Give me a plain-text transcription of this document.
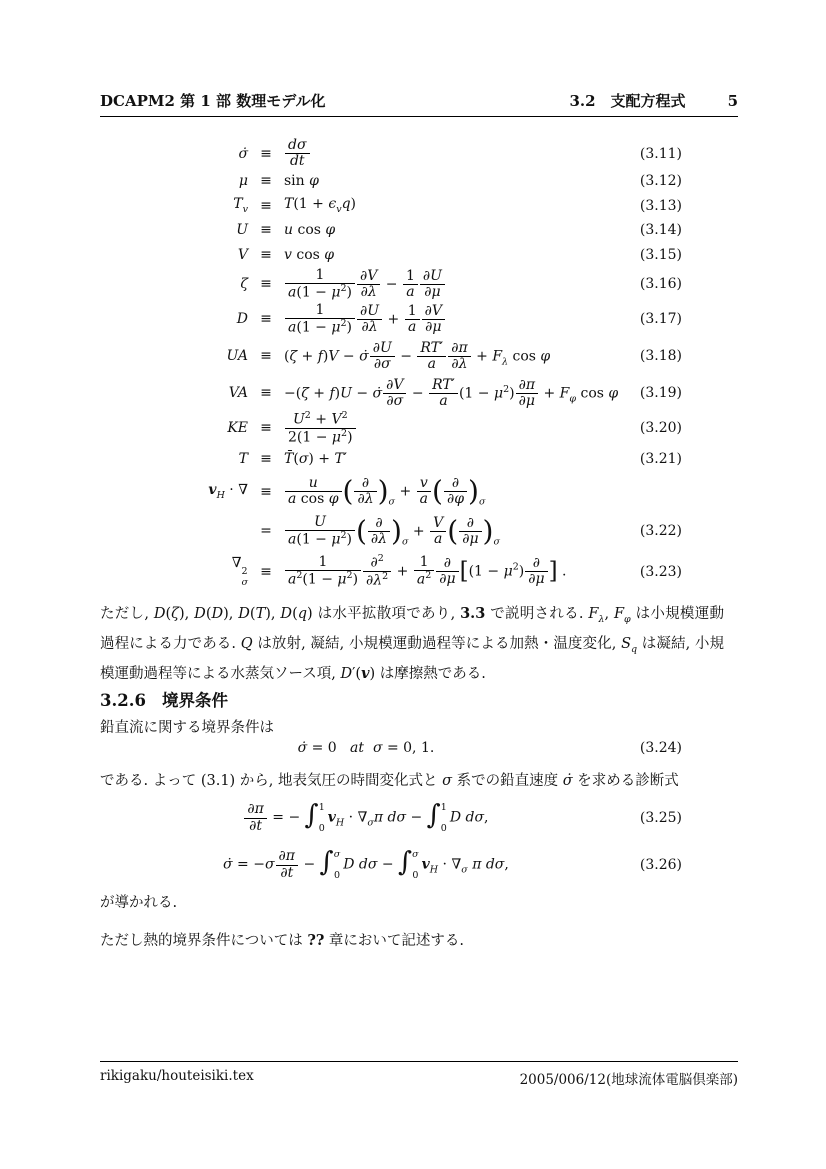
DCAPM2 第 1 部 数理モデル化	3.2　支配方程式	5
σ̇ ≡ $\frac{d\sigma}{dt}$	(3.11)
μ ≡ sin φ	(3.12)
$T_v \equiv T(1 + \epsilon_vq)$	(3.13)
U ≡ u cos φ	(3.14)
V ≡ v cos φ	(3.15)
$\zeta \equiv \frac{1}{a(1 - \mu^2)} \frac{\partial V}{\partial\lambda} - \frac{1}{a} \frac{\partial U}{\partial\mu}$	(3.16)
$D \equiv \frac{1}{a(1 - \mu^2)} \frac{\partial U}{\partial\lambda} + \frac{1}{a} \frac{\partial V}{\partial\mu}$	(3.17)
UA ≡ (ζ + f)V − σ̇ $\frac{\partial U}{\partial\sigma} - \frac{RT'}{a} \frac{\partial\pi}{\partial\lambda} + F_\lambda$ cos φ	(3.18)
VA ≡ −(ζ + f)U − σ̇ $\frac{\partial V}{\partial\sigma} - \frac{RT'}{a} (1 - \mu^2) \frac{\partial\pi}{\partial\mu} + F_\varphi$ cos φ	(3.19)
KE ≡ $\frac{U^2 + V^2}{2(1 - \mu^2)}$	(3.20)
T ≡ T̄(σ) + T′	(3.21)
$v_H$ · ∇ ≡ $\frac{u}{\text{a cos φ}}$ ( ∂
∂λ )$_\sigma + \frac{v}{a}$ ( ∂
∂φ )$_\sigma$
= $\frac{U}{a(1 - \mu^2)}$ ( ∂
∂λ )$_\sigma + \frac{V}{a}$ ( ∂
∂μ )$_\sigma$
(3.22)
∇
2
σ
≡ $\frac{1}{a^2(1 - \mu^2)} \frac{\partial^2}{\partial\lambda^2} + \frac{1}{a^2}$ ∂
∂μ [$(1 - \mu^2)$
∂
∂μ ] .	(3.23)

ただし, D(ζ), D(D), D(T), D(q) は水平拡散項であり, 3.3 で説明される. $F_\lambda$, $F_\varphi$ は小規模運動過程による力である. Q は放射, 凝結, 小規模運動過程等による加熱・温度変化, $S_q$ は凝結, 小規模運動過程等による水蒸気ソース項, D′(v) は摩擦熱である.

3.2.6 境界条件

鉛直流に関する境界条件は

σ̇ = 0   at σ = 0, 1.	(3.24)

である. よって (3.1) から, 地表気圧の時間変化式と σ 系での鉛直速度 σ̇ を求める診断式

$\frac{\partial\pi}{\partial t}$ = − ∫ 1
0
$v_H \cdot \nabla_\sigma\pi$ dσ − ∫ 1
0
D dσ,	(3.25)
σ̇ = $-\sigma \frac{\partial\pi}{\partial t}$ − ∫ σ
0
D dσ − ∫ σ
0
$v_H \cdot \nabla_\sigma$ π dσ,	(3.26)

が導かれる.

ただし熱的境界条件については ?? 章において記述する.

rikigaku/houteisiki.tex	2005/006/12(地球流体電脳倶楽部)
